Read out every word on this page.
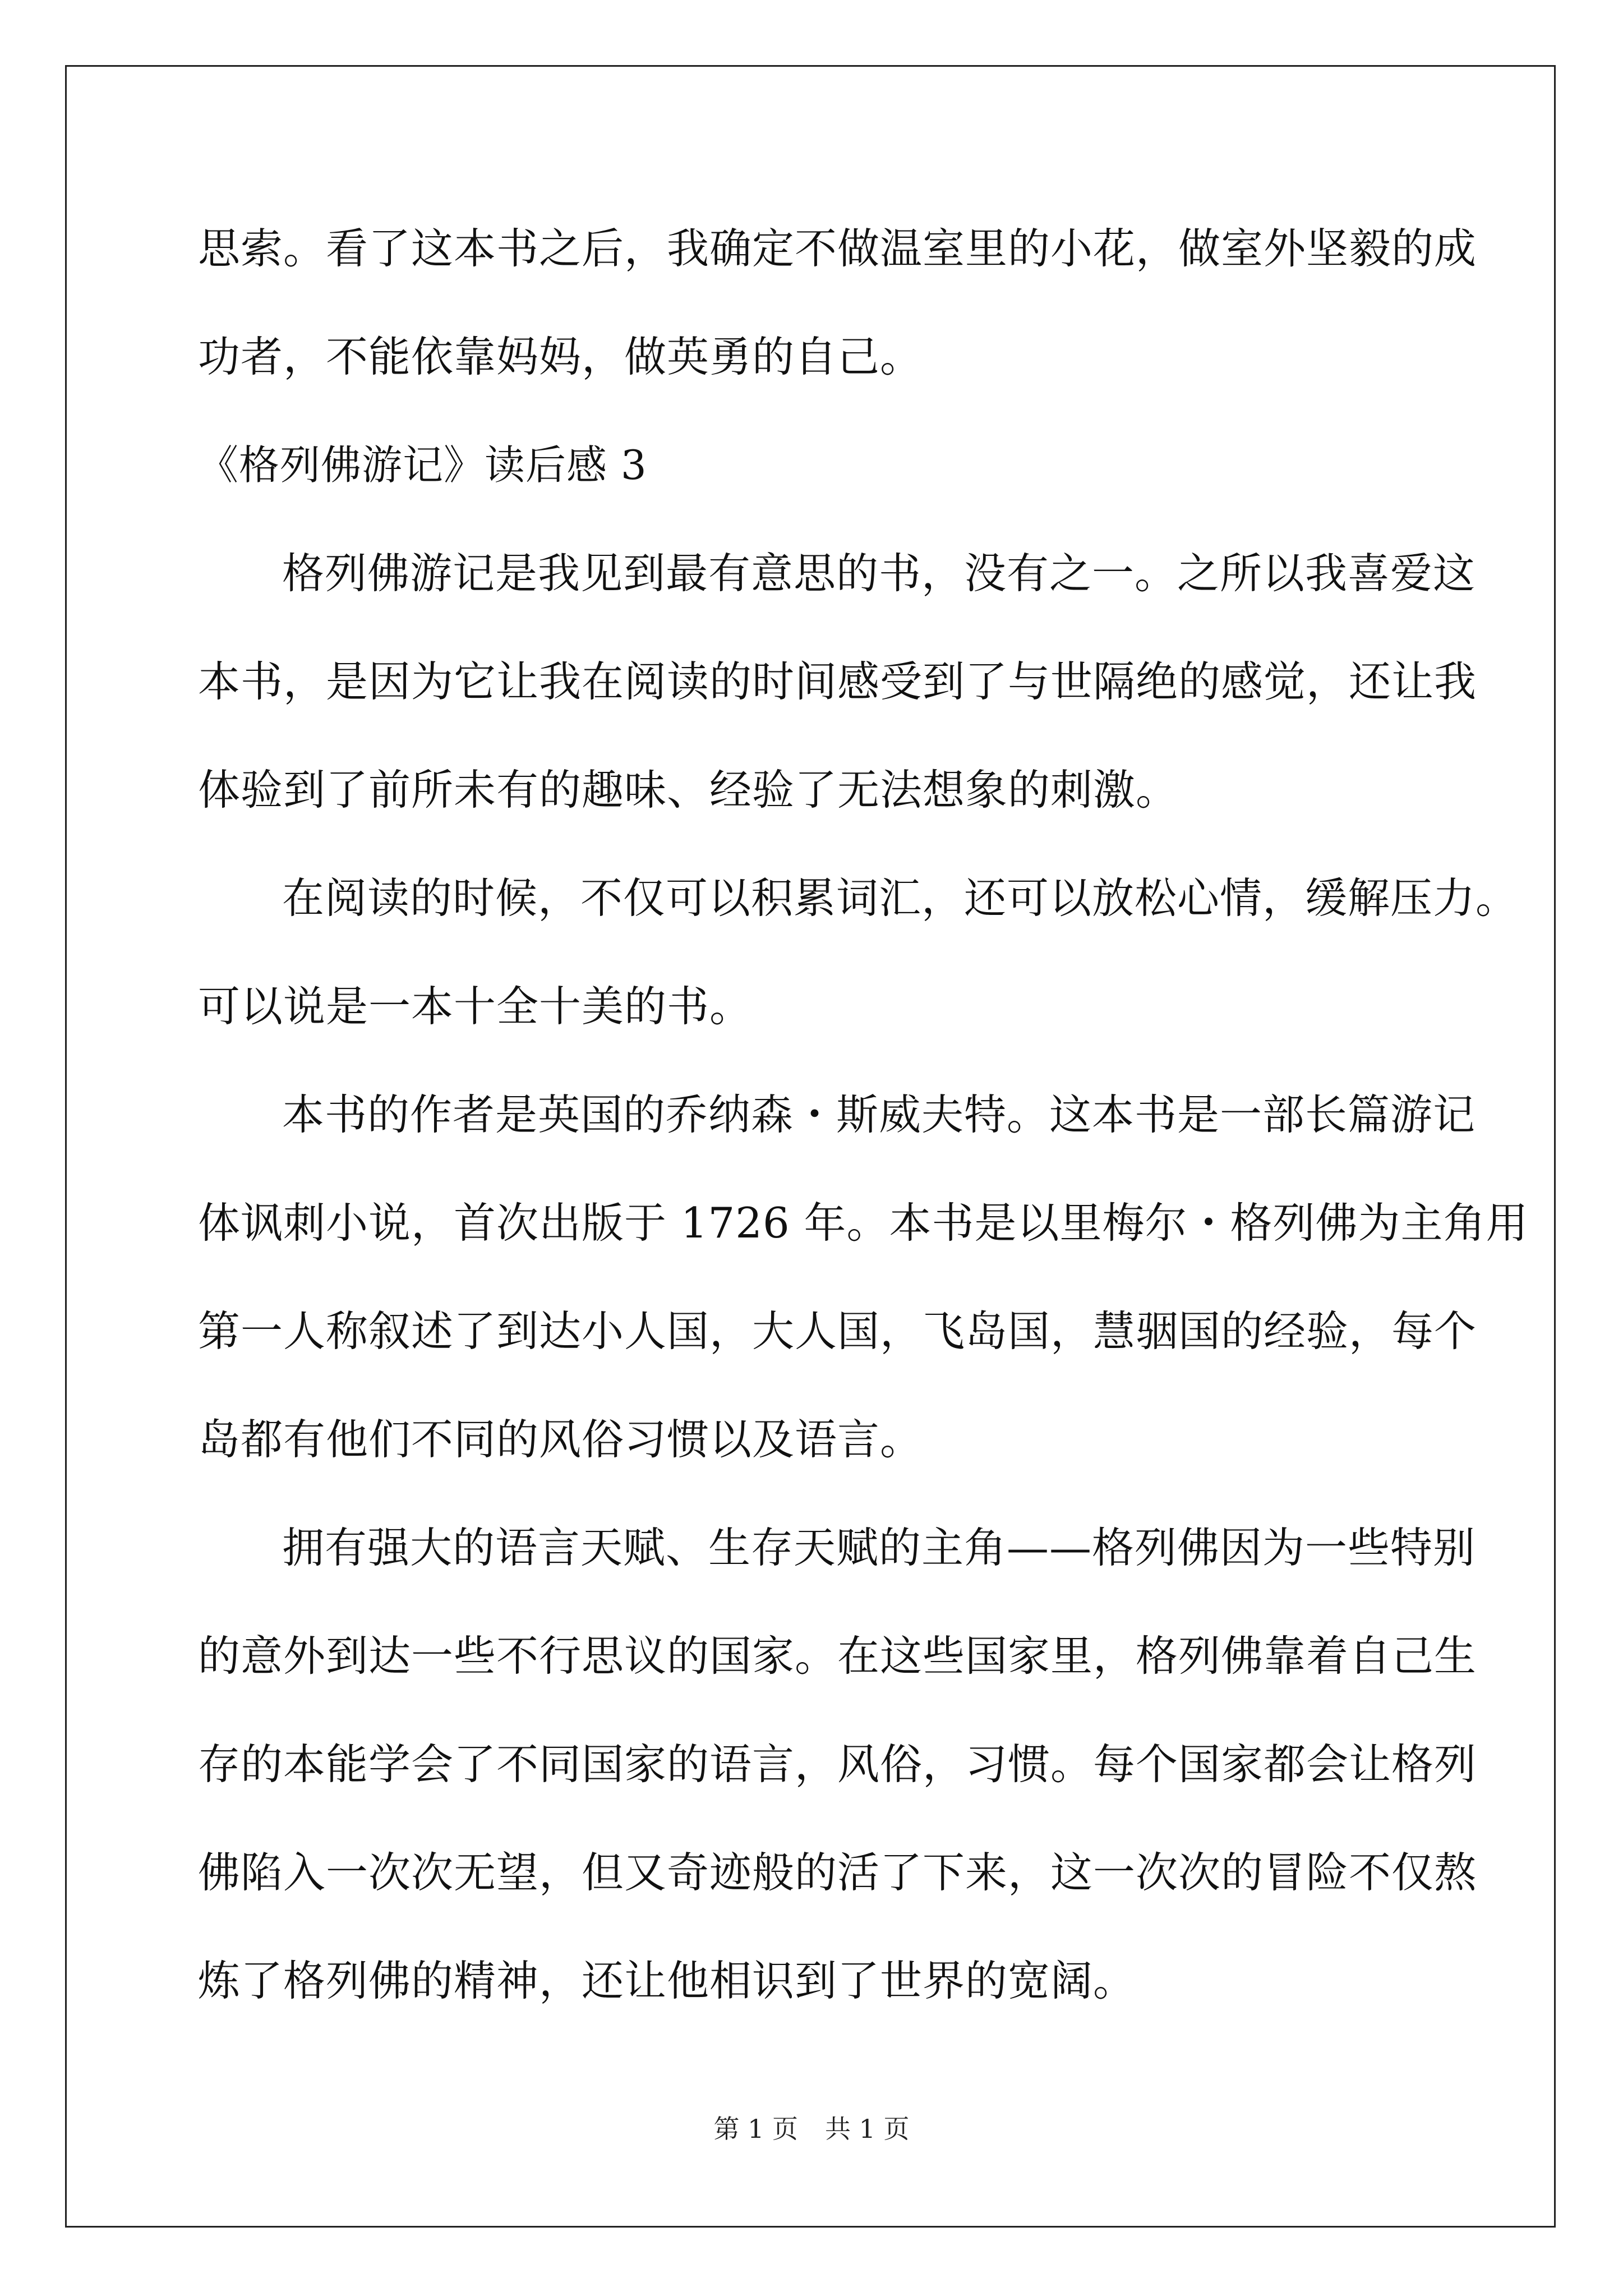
思索。看了这本书之后，我确定不做温室里的小花，做室外坚毅的成
功者，不能依靠妈妈，做英勇的自己。
《格列佛游记》读后感 3
格列佛游记是我见到最有意思的书，没有之一。之所以我喜爱这
本书，是因为它让我在阅读的时间感受到了与世隔绝的感觉，还让我
体验到了前所未有的趣味、经验了无法想象的刺激。
在阅读的时候，不仅可以积累词汇，还可以放松心情，缓解压力。
可以说是一本十全十美的书。
本书的作者是英国的乔纳森・斯威夫特。这本书是一部长篇游记
体讽刺小说，首次出版于 1726 年。本书是以里梅尔・格列佛为主角用
第一人称叙述了到达小人国，大人国，飞岛国，慧骃国的经验，每个
岛都有他们不同的风俗习惯以及语言。
拥有强大的语言天赋、生存天赋的主角——格列佛因为一些特别
的意外到达一些不行思议的国家。在这些国家里，格列佛靠着自己生
存的本能学会了不同国家的语言，风俗，习惯。每个国家都会让格列
佛陷入一次次无望，但又奇迹般的活了下来，这一次次的冒险不仅熬
炼了格列佛的精神，还让他相识到了世界的宽阔。
第 1 页 共 1 页
